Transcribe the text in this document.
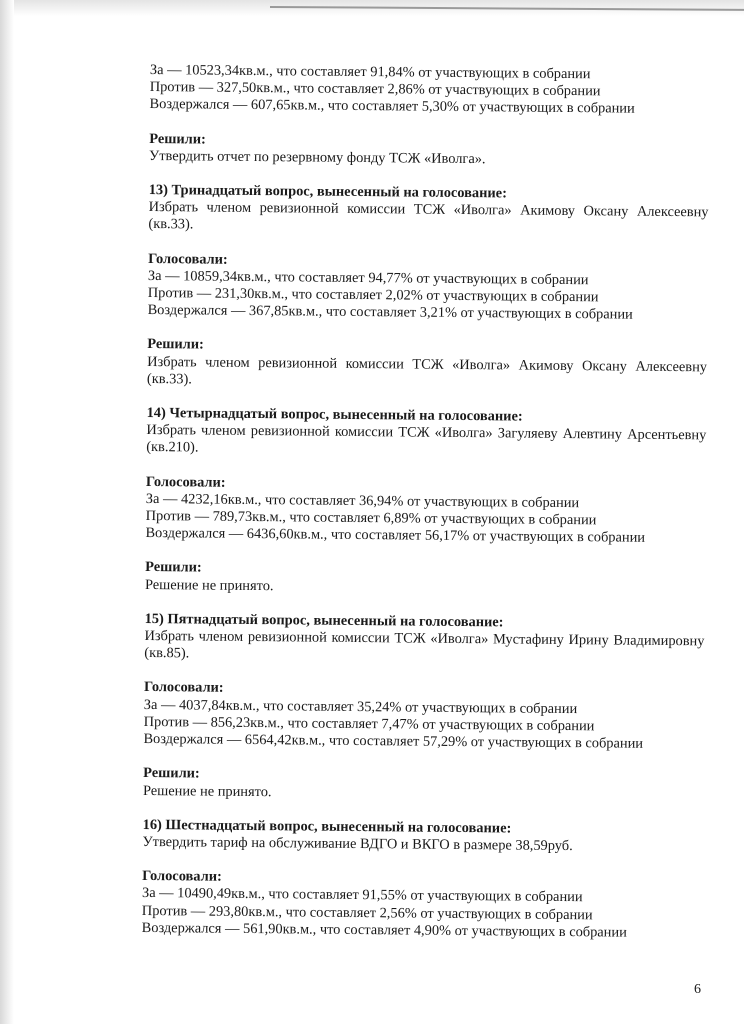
За — 10523,34кв.м., что составляет 91,84% от участвующих в собрании
Против — 327,50кв.м., что составляет 2,86% от участвующих в собрании
Воздержался — 607,65кв.м., что составляет 5,30% от участвующих в собрании
Решили:
Утвердить отчет по резервному фонду ТСЖ «Иволга».
13) Тринадцатый вопрос, вынесенный на голосование:
Избрать членом ревизионной комиссии ТСЖ «Иволга» Акимову Оксану Алексеевну
(кв.33).
Голосовали:
За — 10859,34кв.м., что составляет 94,77% от участвующих в собрании
Против — 231,30кв.м., что составляет 2,02% от участвующих в собрании
Воздержался — 367,85кв.м., что составляет 3,21% от участвующих в собрании
Решили:
Избрать членом ревизионной комиссии ТСЖ «Иволга» Акимову Оксану Алексеевну
(кв.33).
14) Четырнадцатый вопрос, вынесенный на голосование:
Избрать членом ревизионной комиссии ТСЖ «Иволга» Загуляеву Алевтину Арсентьевну
(кв.210).
Голосовали:
За — 4232,16кв.м., что составляет 36,94% от участвующих в собрании
Против — 789,73кв.м., что составляет 6,89% от участвующих в собрании
Воздержался — 6436,60кв.м., что составляет 56,17% от участвующих в собрании
Решили:
Решение не принято.
15) Пятнадцатый вопрос, вынесенный на голосование:
Избрать членом ревизионной комиссии ТСЖ «Иволга» Мустафину Ирину Владимировну
(кв.85).
Голосовали:
За — 4037,84кв.м., что составляет 35,24% от участвующих в собрании
Против — 856,23кв.м., что составляет 7,47% от участвующих в собрании
Воздержался — 6564,42кв.м., что составляет 57,29% от участвующих в собрании
Решили:
Решение не принято.
16) Шестнадцатый вопрос, вынесенный на голосование:
Утвердить тариф на обслуживание ВДГО и ВКГО в размере 38,59руб.
Голосовали:
За — 10490,49кв.м., что составляет 91,55% от участвующих в собрании
Против — 293,80кв.м., что составляет 2,56% от участвующих в собрании
Воздержался — 561,90кв.м., что составляет 4,90% от участвующих в собрании
6
